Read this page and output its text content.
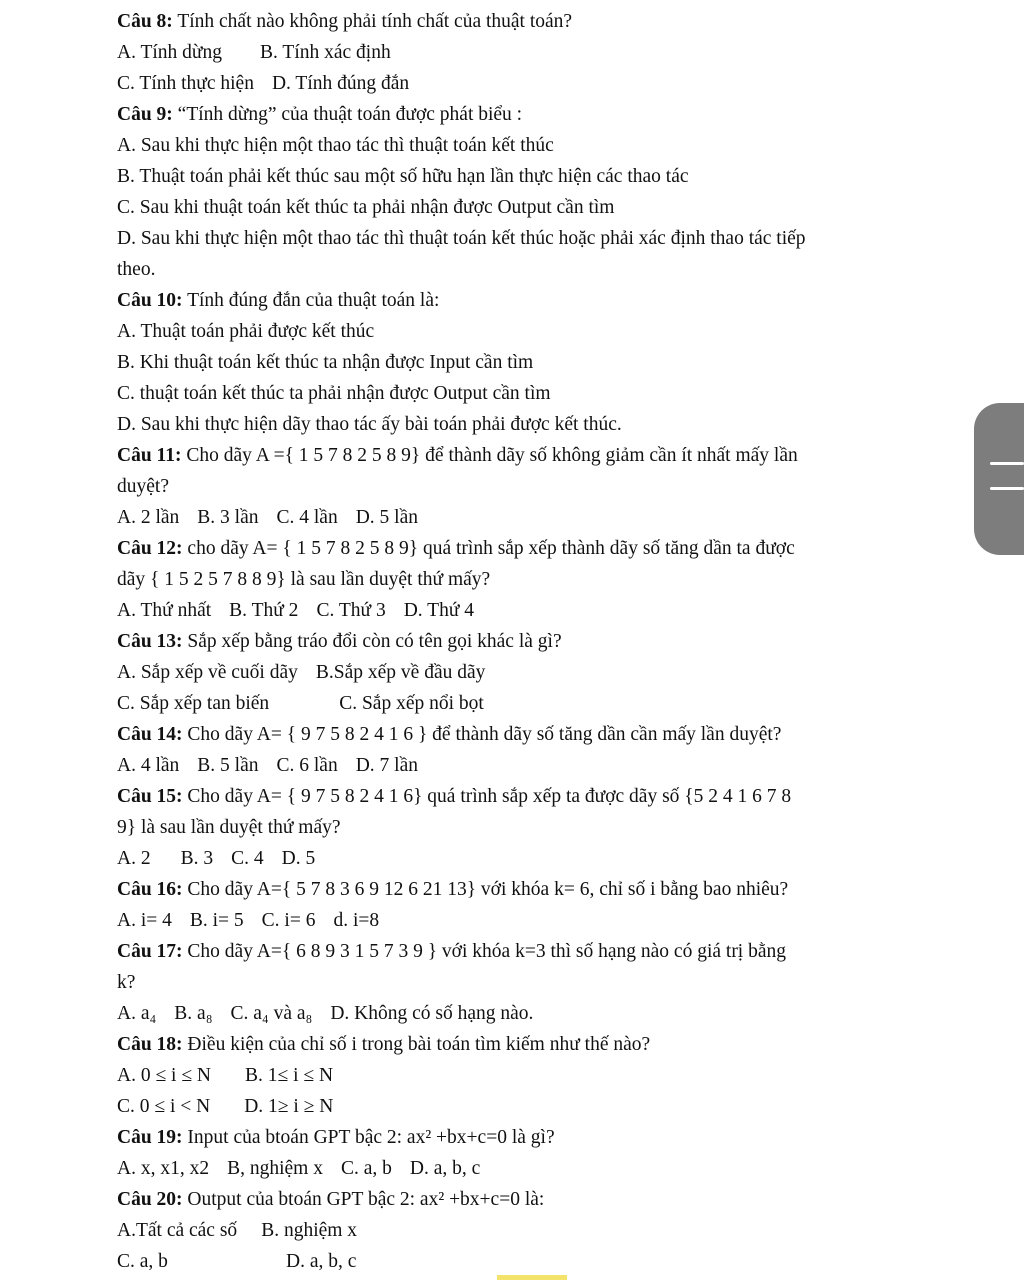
Câu 8: Tính chất nào không phải tính chất của thuật toán?
A. Tính dừng B. Tính xác định
C. Tính thực hiện D. Tính đúng đắn
Câu 9: “Tính dừng” của thuật toán được phát biểu :
A. Sau khi thực hiện một thao tác thì thuật toán kết thúc
B. Thuật toán phải kết thúc sau một số hữu hạn lần thực hiện các thao tác
C. Sau khi thuật toán kết thúc ta phải nhận được Output cần tìm
D. Sau khi thực hiện một thao tác thì thuật toán kết thúc hoặc phải xác định thao tác tiếp
theo.
Câu 10: Tính đúng đắn của thuật toán là:
A. Thuật toán phải được kết thúc
B. Khi thuật toán kết thúc ta nhận được Input cần tìm
C. thuật toán kết thúc ta phải nhận được Output cần tìm
D. Sau khi thực hiện dãy thao tác ấy bài toán phải được kết thúc.
Câu 11: Cho dãy A ={ 1 5 7 8 2 5 8 9} để thành dãy số không giảm cần ít nhất mấy lần
duyệt?
A. 2 lần B. 3 lần C. 4 lần D. 5 lần
Câu 12: cho dãy A= { 1 5 7 8 2 5 8 9} quá trình sắp xếp thành dãy số tăng dần ta được
dãy { 1 5 2 5 7 8 8 9} là sau lần duyệt thứ mấy?
A. Thứ nhất B. Thứ 2 C. Thứ 3 D. Thứ 4
Câu 13: Sắp xếp bằng tráo đổi còn có tên gọi khác là gì?
A. Sắp xếp về cuối dãy B.Sắp xếp về đầu dãy
C. Sắp xếp tan biến	C. Sắp xếp nổi bọt
Câu 14: Cho dãy A= { 9 7 5 8 2 4 1 6 } để thành dãy số tăng dần cần mấy lần duyệt?
A. 4 lần B. 5 lần C. 6 lần D. 7 lần
Câu 15: Cho dãy A= { 9 7 5 8 2 4 1 6} quá trình sắp xếp ta được dãy số {5 2 4 1 6 7 8
9} là sau lần duyệt thứ mấy?
A. 2 B. 3 C. 4 D. 5
Câu 16: Cho dãy A={ 5 7 8 3 6 9 12 6 21 13} với khóa k= 6, chỉ số i bằng bao nhiêu?
A. i= 4 B. i= 5 C. i= 6 d. i=8
Câu 17: Cho dãy A={ 6 8 9 3 1 5 7 3 9 } với khóa k=3 thì số hạng nào có giá trị bằng
k?
A. a₄ B. a₈ C. a₄ và a₈ D. Không có số hạng nào.
Câu 18: Điều kiện của chỉ số i trong bài toán tìm kiếm như thế nào?
A. 0 ≤ i ≤ N B. 1≤ i ≤ N
C. 0 ≤ i < N D. 1≥ i ≥ N
Câu 19: Input của btoán GPT bậc 2: ax² +bx+c=0 là gì?
A. x, x1, x2 B, nghiệm x C. a, b D. a, b, c
Câu 20: Output của btoán GPT bậc 2: ax² +bx+c=0 là:
A.Tất cả các số B. nghiệm x
C. a, b	D. a, b, c
